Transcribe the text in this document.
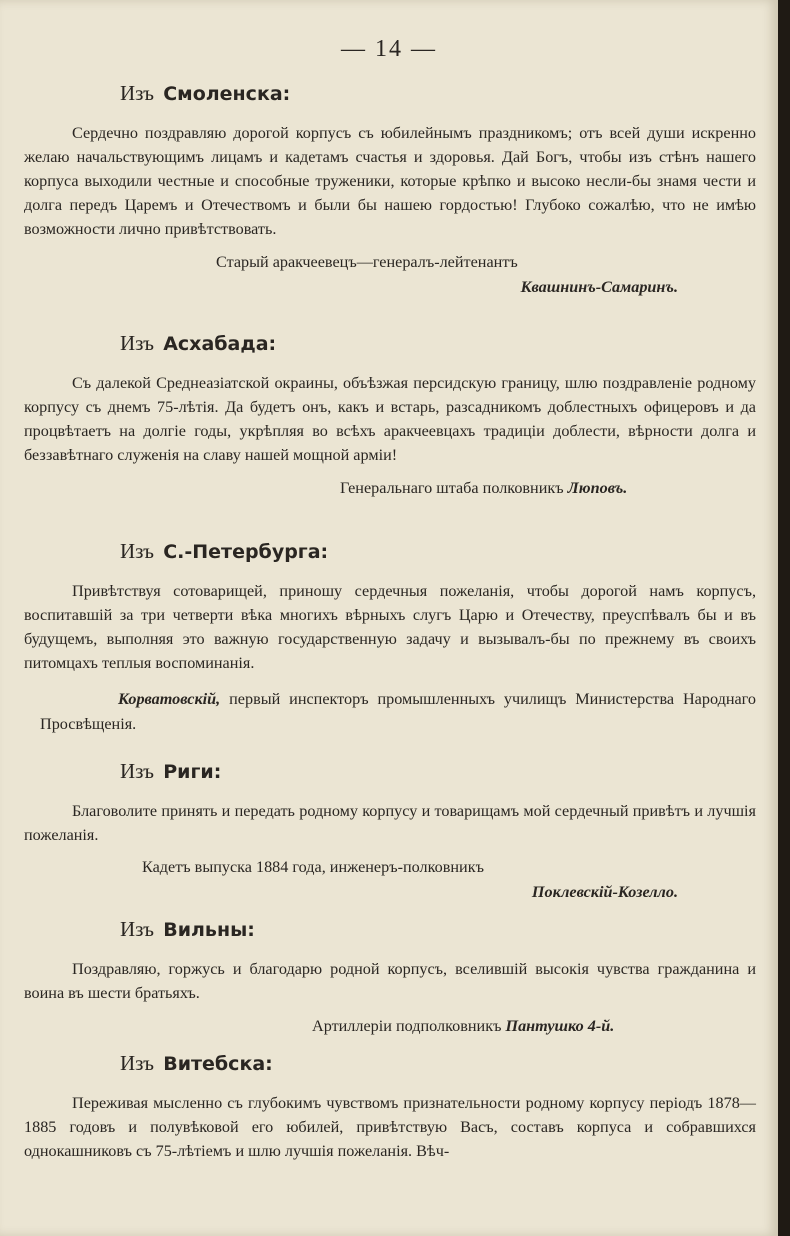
— 14 —
Изъ Смоленска:
Сердечно поздравляю дорогой корпусъ съ юбилейнымъ праздникомъ; отъ всей души искренно желаю начальствующимъ лицамъ и кадетамъ счастья и здоровья. Дай Богъ, чтобы изъ стѣнъ нашего корпуса выходили честные и способные труженики, которые крѣпко и высоко несли-бы знамя чести и долга передъ Царемъ и Отечествомъ и были бы нашею гордостью! Глубоко сожалѣю, что не имѣю возможности лично привѣтствовать.
Старый аракчеевецъ—генералъ-лейтенантъ
Квашнинъ-Самаринъ.
Изъ Асхабада:
Съ далекой Среднеазіатской окраины, объѣзжая персидскую границу, шлю поздравленіе родному корпусу съ днемъ 75-лѣтія. Да будетъ онъ, какъ и встарь, разсадникомъ доблестныхъ офицеровъ и да процвѣтаетъ на долгіе годы, укрѣпляя во всѣхъ аракчеевцахъ традиціи доблести, вѣрности долга и беззавѣтнаго служенія на славу нашей мощной арміи!
Генеральнаго штаба полковникъ Люповъ.
Изъ С.-Петербурга:
Привѣтствуя сотоварищей, приношу сердечныя пожеланія, чтобы дорогой намъ корпусъ, воспитавшій за три четверти вѣка многихъ вѣрныхъ слугъ Царю и Отечеству, преуспѣвалъ бы и въ будущемъ, выполняя это важную государственную задачу и вызывалъ-бы по прежнему въ своихъ питомцахъ теплыя воспоминанія.
Корватовскій, первый инспекторъ промышленныхъ училищъ Министерства Народнаго Просвѣщенія.
Изъ Риги:
Благоволите принять и передать родному корпусу и товарищамъ мой сердечный привѣтъ и лучшія пожеланія.
Кадетъ выпуска 1884 года, инженеръ-полковникъ
Поклевскій-Козелло.
Изъ Вильны:
Поздравляю, горжусь и благодарю родной корпусъ, вселившій высокія чувства гражданина и воина въ шести братьяхъ.
Артиллеріи подполковникъ Пантушко 4-й.
Изъ Витебска:
Переживая мысленно съ глубокимъ чувствомъ признательности родному корпусу періодъ 1878—1885 годовъ и полувѣковой его юбилей, привѣтствую Васъ, составъ корпуса и собравшихся однокашниковъ съ 75-лѣтіемъ и шлю лучшія пожеланія. Вѣч-
